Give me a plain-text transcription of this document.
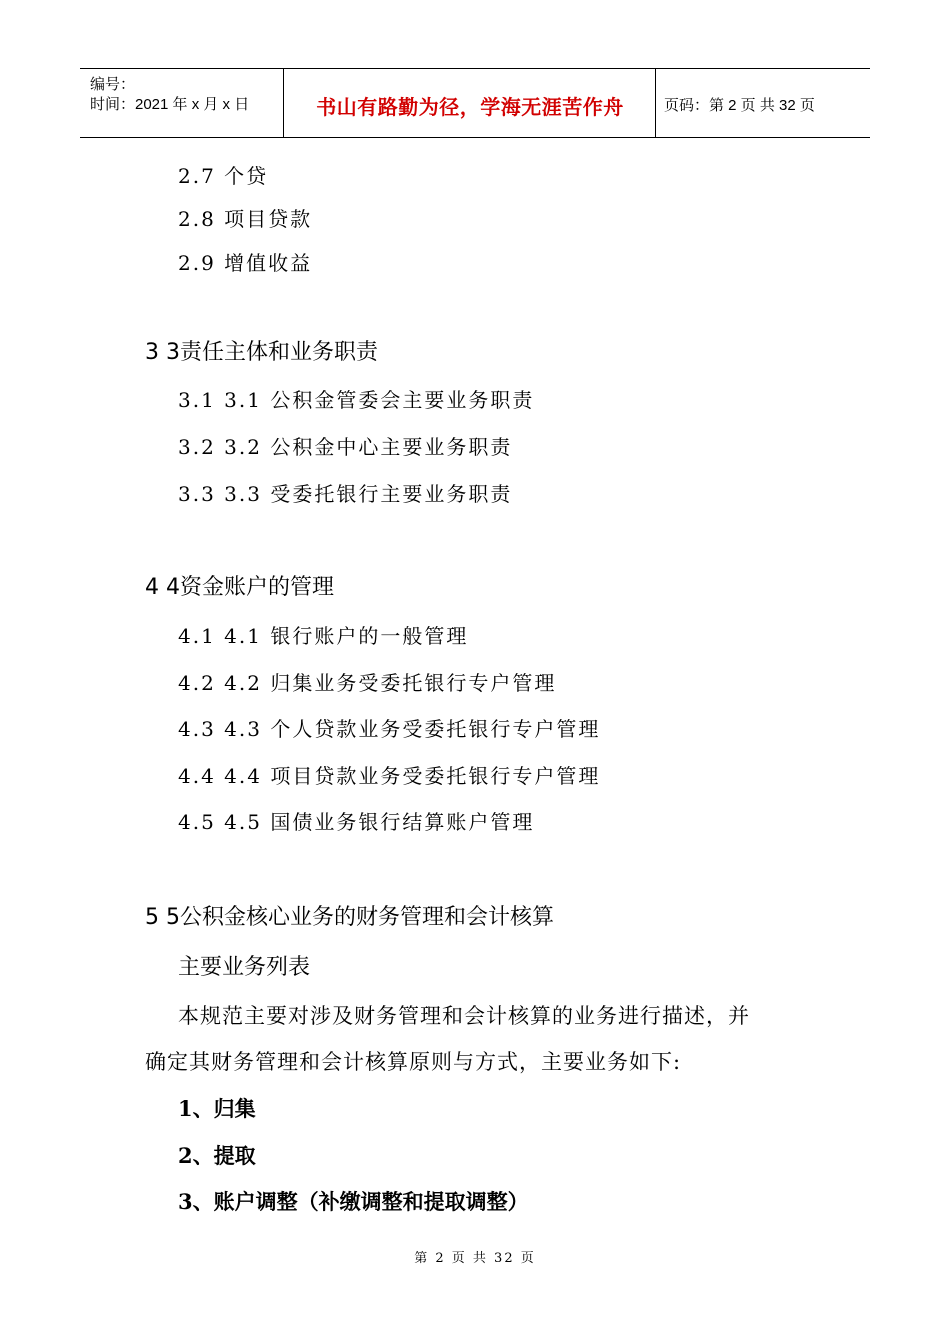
编号：
时间：2021 年 x 月 x 日	书山有路勤为径，学海无涯苦作舟	页码：第 2 页 共 32 页
2.7 个贷
2.8 项目贷款
2.9 增值收益
3 3责任主体和业务职责
3.1 3.1 公积金管委会主要业务职责
3.2 3.2 公积金中心主要业务职责
3.3 3.3 受委托银行主要业务职责
4 4资金账户的管理
4.1 4.1 银行账户的一般管理
4.2 4.2 归集业务受委托银行专户管理
4.3 4.3 个人贷款业务受委托银行专户管理
4.4 4.4 项目贷款业务受委托银行专户管理
4.5 4.5 国债业务银行结算账户管理
5 5公积金核心业务的财务管理和会计核算
主要业务列表
本规范主要对涉及财务管理和会计核算的业务进行描述，并
确定其财务管理和会计核算原则与方式，主要业务如下:
1、归集
2、提取
3、账户调整（补缴调整和提取调整）
第 2 页 共 32 页
